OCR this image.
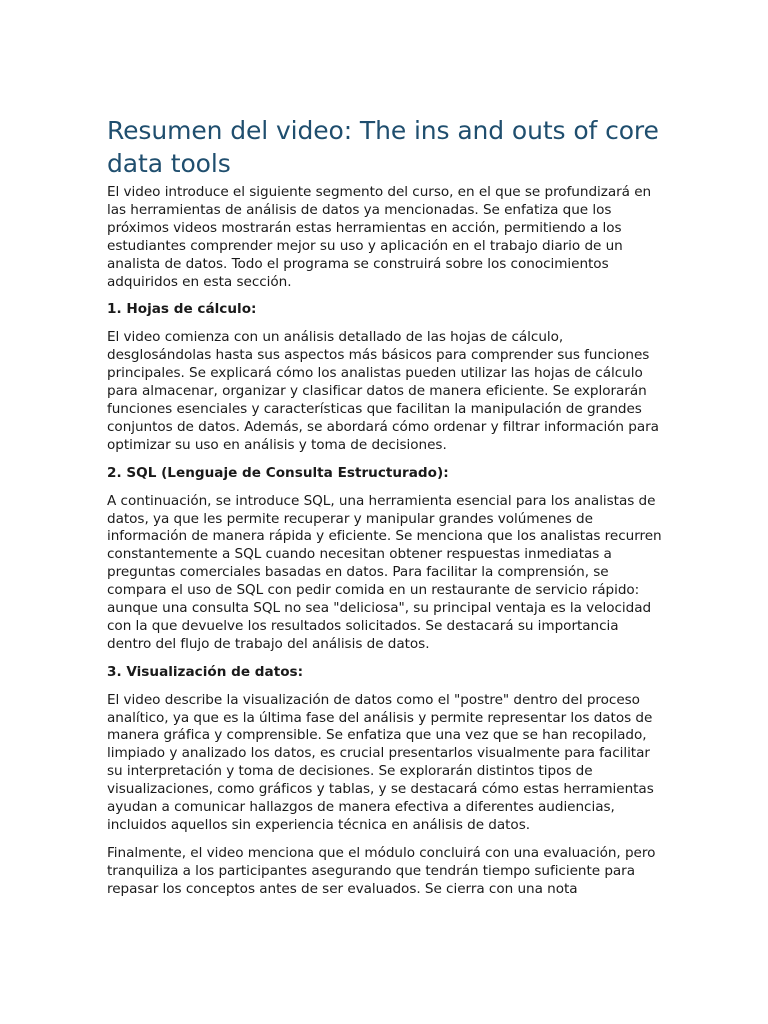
Resumen del video: The ins and outs of core data tools

El video introduce el siguiente segmento del curso, en el que se profundizará en las herramientas de análisis de datos ya mencionadas. Se enfatiza que los próximos videos mostrarán estas herramientas en acción, permitiendo a los estudiantes comprender mejor su uso y aplicación en el trabajo diario de un analista de datos. Todo el programa se construirá sobre los conocimientos adquiridos en esta sección.

1. Hojas de cálculo:

El video comienza con un análisis detallado de las hojas de cálculo, desglosándolas hasta sus aspectos más básicos para comprender sus funciones principales. Se explicará cómo los analistas pueden utilizar las hojas de cálculo para almacenar, organizar y clasificar datos de manera eficiente. Se explorarán funciones esenciales y características que facilitan la manipulación de grandes conjuntos de datos. Además, se abordará cómo ordenar y filtrar información para optimizar su uso en análisis y toma de decisiones.

2. SQL (Lenguaje de Consulta Estructurado):

A continuación, se introduce SQL, una herramienta esencial para los analistas de datos, ya que les permite recuperar y manipular grandes volúmenes de información de manera rápida y eficiente. Se menciona que los analistas recurren constantemente a SQL cuando necesitan obtener respuestas inmediatas a preguntas comerciales basadas en datos. Para facilitar la comprensión, se compara el uso de SQL con pedir comida en un restaurante de servicio rápido: aunque una consulta SQL no sea "deliciosa", su principal ventaja es la velocidad con la que devuelve los resultados solicitados. Se destacará su importancia dentro del flujo de trabajo del análisis de datos.

3. Visualización de datos:

El video describe la visualización de datos como el "postre" dentro del proceso analítico, ya que es la última fase del análisis y permite representar los datos de manera gráfica y comprensible. Se enfatiza que una vez que se han recopilado, limpiado y analizado los datos, es crucial presentarlos visualmente para facilitar su interpretación y toma de decisiones. Se explorarán distintos tipos de visualizaciones, como gráficos y tablas, y se destacará cómo estas herramientas ayudan a comunicar hallazgos de manera efectiva a diferentes audiencias, incluidos aquellos sin experiencia técnica en análisis de datos.

Finalmente, el video menciona que el módulo concluirá con una evaluación, pero tranquiliza a los participantes asegurando que tendrán tiempo suficiente para repasar los conceptos antes de ser evaluados. Se cierra con una nota
